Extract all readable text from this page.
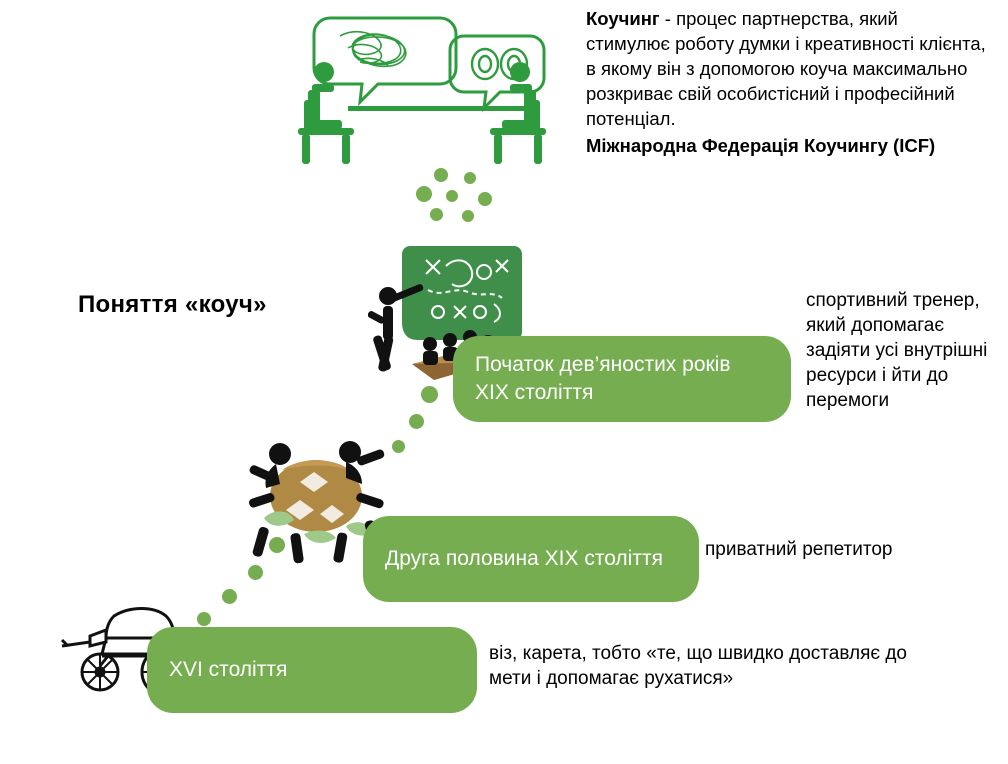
Коучинг - процес партнерства, який стимулює роботу думки і креативності клієнта, в якому він з допомогою коуча максимально розкриває свій особистісний і професійний потенціал.
Міжнародна Федерація Коучингу (ICF)
Поняття «коуч»
Початок дев’яностих років XIX століття
Друга половина XIX століття
XVI століття
спортивний тренер, який допомагає задіяти усі внутрішні ресурси і йти до перемоги
приватний репетитор
віз, карета, тобто «те, що швидко доставляє до мети і допомагає рухатися»
